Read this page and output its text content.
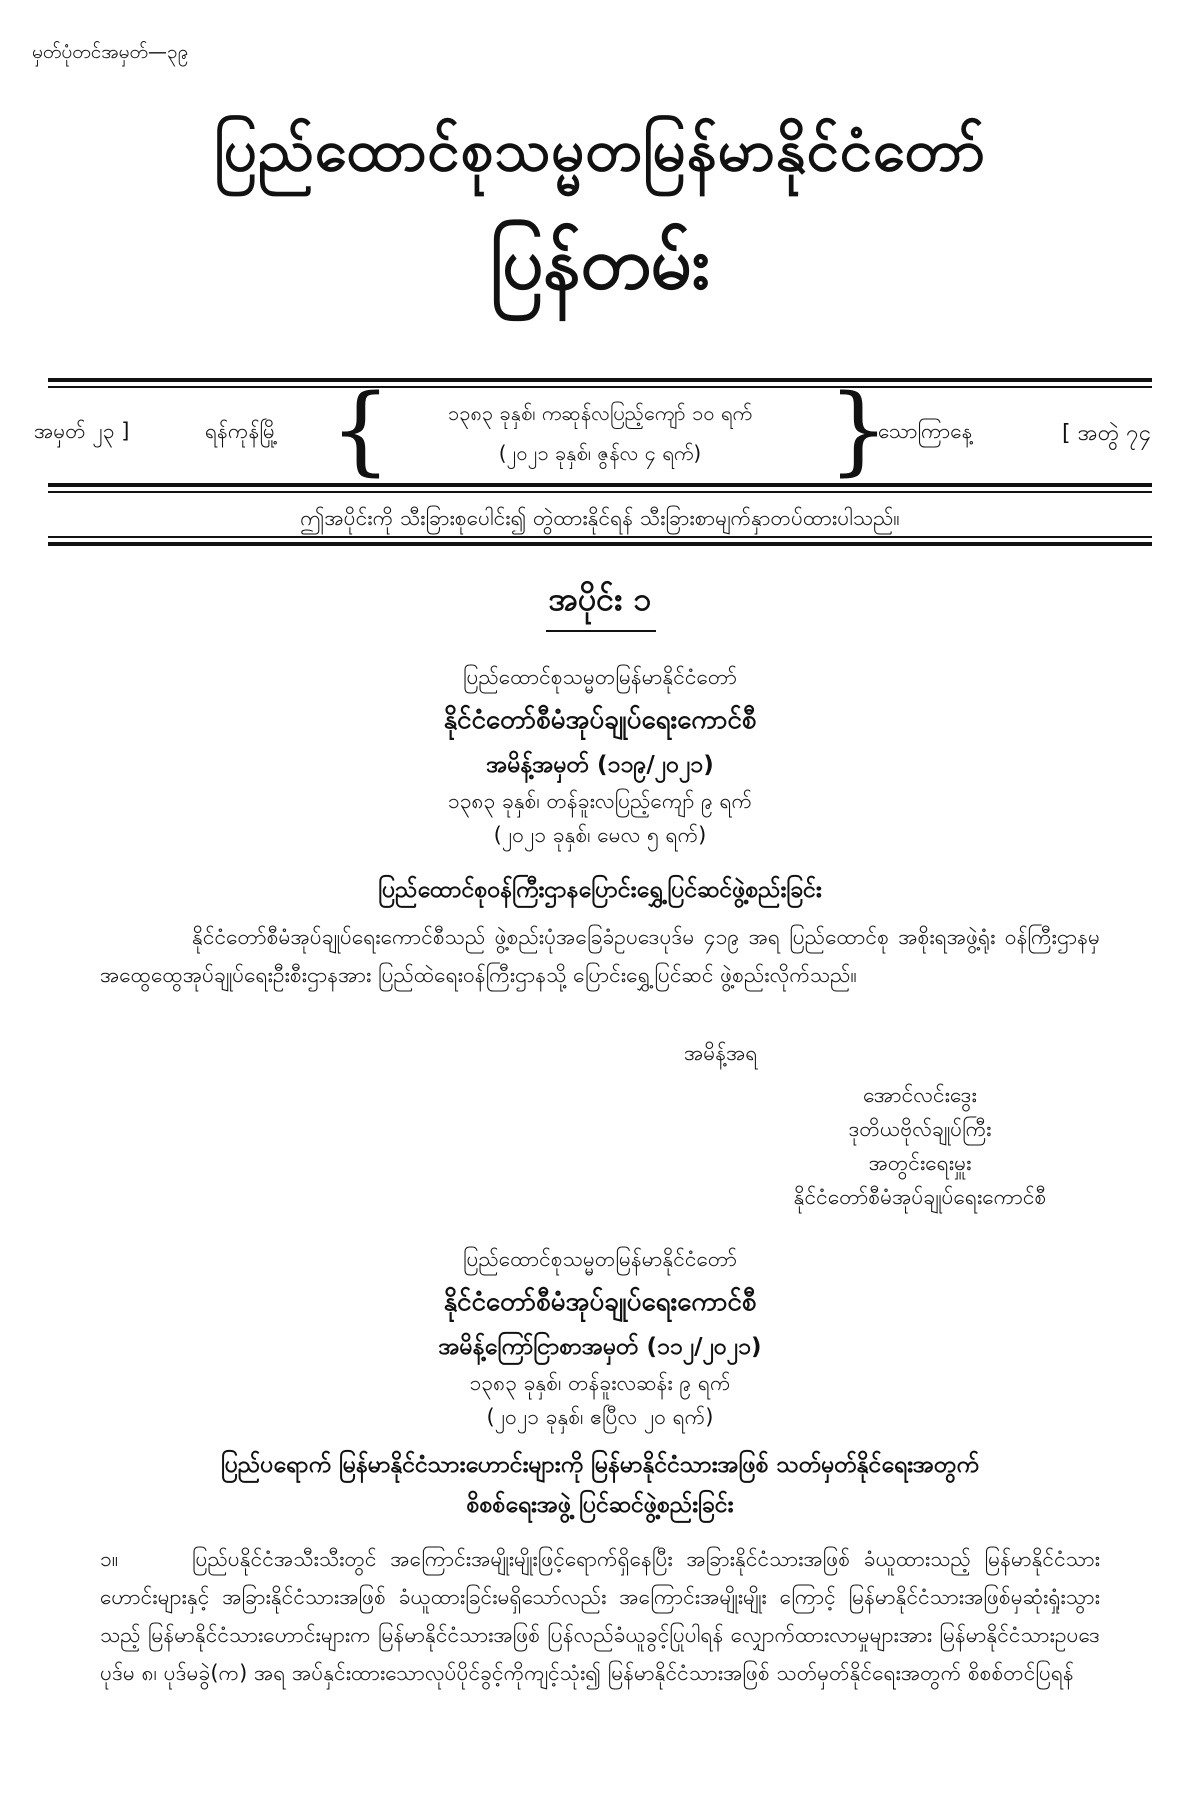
မှတ်ပုံတင်အမှတ်—၃၉
ပြည်ထောင်စုသမ္မတမြန်မာနိုင်ငံတော်
ပြန်တမ်း
အမှတ် ၂၃ ]	ရန်ကုန်မြို့ {	၁၃၈၃ ခုနှစ်၊ ကဆုန်လပြည့်ကျော် ၁၀ ရက်
(၂၀၂၁ ခုနှစ်၊ ဇွန်လ ၄ ရက်)	}
သောကြာနေ့	[ အတွဲ ၇၄
ဤအပိုင်းကို သီးခြားစုပေါင်း၍ တွဲထားနိုင်ရန် သီးခြားစာမျက်နှာတပ်ထားပါသည်။
အပိုင်း ၁
ပြည်ထောင်စုသမ္မတမြန်မာနိုင်ငံတော်
နိုင်ငံတော်စီမံအုပ်ချုပ်ရေးကောင်စီ
အမိန့်အမှတ် (၁၁၉/၂၀၂၁)
၁၃၈၃ ခုနှစ်၊ တန်ခူးလပြည့်ကျော် ၉ ရက်
(၂၀၂၁ ခုနှစ်၊ မေလ ၅ ရက်)
ပြည်ထောင်စုဝန်ကြီးဌာနပြောင်းရွှေ့ပြင်ဆင်ဖွဲ့စည်းခြင်း
နိုင်ငံတော်စီမံအုပ်ချုပ်ရေးကောင်စီသည် ဖွဲ့စည်းပုံအခြေခံဥပဒေပုဒ်မ ၄၁၉ အရ ပြည်ထောင်စု အစိုးရအဖွဲ့ရုံး ဝန်ကြီးဌာနမှ အထွေထွေအုပ်ချုပ်ရေးဦးစီးဌာနအား ပြည်ထဲရေးဝန်ကြီးဌာနသို့ ပြောင်းရွှေ့ပြင်ဆင် ဖွဲ့စည်းလိုက်သည်။
အမိန့်အရ
အောင်လင်းဒွေး
ဒုတိယဗိုလ်ချုပ်ကြီး
အတွင်းရေးမှူး
နိုင်ငံတော်စီမံအုပ်ချုပ်ရေးကောင်စီ
ပြည်ထောင်စုသမ္မတမြန်မာနိုင်ငံတော်
နိုင်ငံတော်စီမံအုပ်ချုပ်ရေးကောင်စီ
အမိန့်ကြော်ငြာစာအမှတ် (၁၁၂/၂၀၂၁)
၁၃၈၃ ခုနှစ်၊ တန်ခူးလဆန်း ၉ ရက်
(၂၀၂၁ ခုနှစ်၊ ဧပြီလ ၂၀ ရက်)
ပြည်ပရောက် မြန်မာနိုင်ငံသားဟောင်းများကို မြန်မာနိုင်ငံသားအဖြစ် သတ်မှတ်နိုင်ရေးအတွက်
စိစစ်ရေးအဖွဲ့ ပြင်ဆင်ဖွဲ့စည်းခြင်း
၁။	ပြည်ပနိုင်ငံအသီးသီးတွင် အကြောင်းအမျိုးမျိုးဖြင့်ရောက်ရှိနေပြီး အခြားနိုင်ငံသားအဖြစ် ခံယူထားသည့် မြန်မာနိုင်ငံသားဟောင်းများနှင့် အခြားနိုင်ငံသားအဖြစ် ခံယူထားခြင်းမရှိသော်လည်း အကြောင်းအမျိုးမျိုး ကြောင့် မြန်မာနိုင်ငံသားအဖြစ်မှဆုံးရှုံးသွားသည့် မြန်မာနိုင်ငံသားဟောင်းများက မြန်မာနိုင်ငံသားအဖြစ် ပြန်လည်ခံယူခွင့်ပြုပါရန် လျှောက်ထားလာမှုများအား မြန်မာနိုင်ငံသားဥပဒေပုဒ်မ ၈၊ ပုဒ်မခွဲ(က) အရ အပ်နှင်းထားသောလုပ်ပိုင်ခွင့်ကိုကျင့်သုံး၍ မြန်မာနိုင်ငံသားအဖြစ် သတ်မှတ်နိုင်ရေးအတွက် စိစစ်တင်ပြရန်
